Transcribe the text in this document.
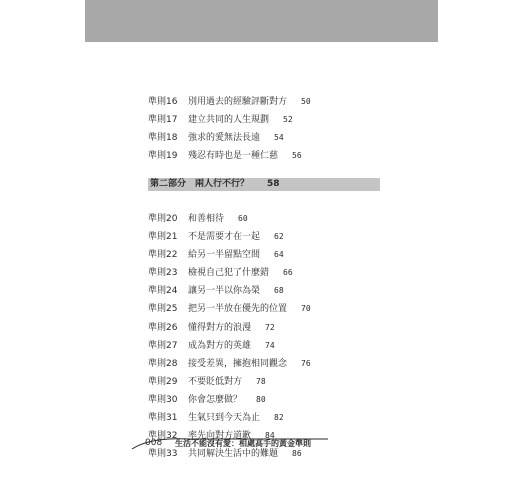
準則16 別用過去的經驗評斷對方 50
準則17 建立共同的人生規劃 52
準則18 強求的愛無法長遠 54
準則19 殘忍有時也是一種仁慈 56
第二部分　兩人行不行？ 58
準則20 和善相待 60
準則21 不是需要才在一起 62
準則22 給另一半留點空間 64
準則23 檢視自己犯了什麼錯 66
準則24 讓另一半以你為榮 68
準則25 把另一半放在優先的位置 70
準則26 懂得對方的浪漫 72
準則27 成為對方的英雄 74
準則28 接受差異，擁抱相同觀念 76
準則29 不要貶低對方 78
準則30 你會怎麼做？ 80
準則31 生氣只到今天為止 82
準則32 率先向對方道歉 84
準則33 共同解決生活中的難題 86
008 生活不能沒有愛：相處高手的黃金準則
